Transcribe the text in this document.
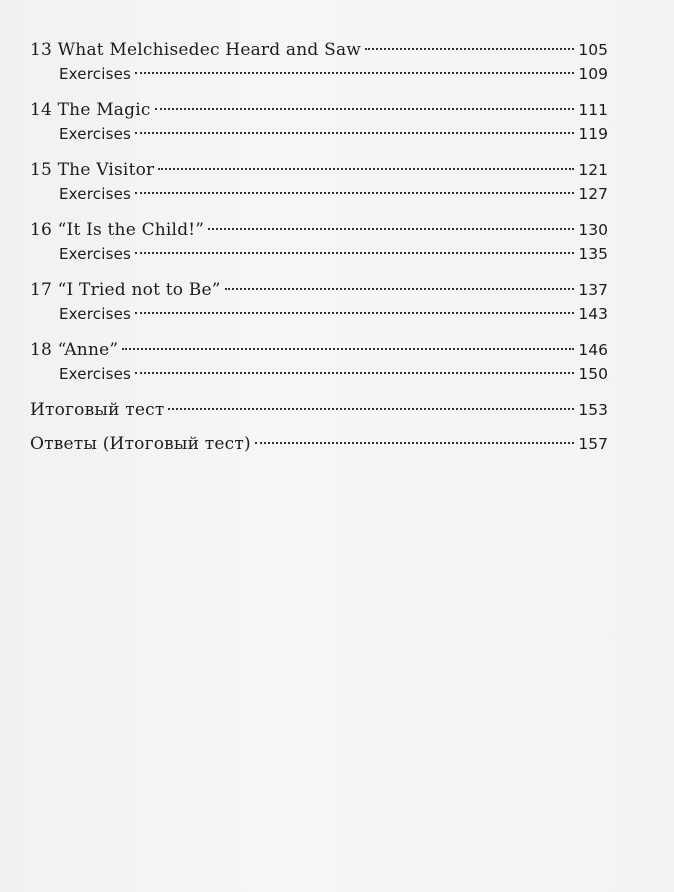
13 What Melchisedec Heard and Saw	105
Exercises	109
14 The Magic	111
Exercises	119
15 The Visitor	121
Exercises	127
16 “It Is the Child!”	130
Exercises	135
17 “I Tried not to Be”	137
Exercises	143
18 “Anne”	146
Exercises	150
Итоговый тест	153
Ответы (Итоговый тест)	157
